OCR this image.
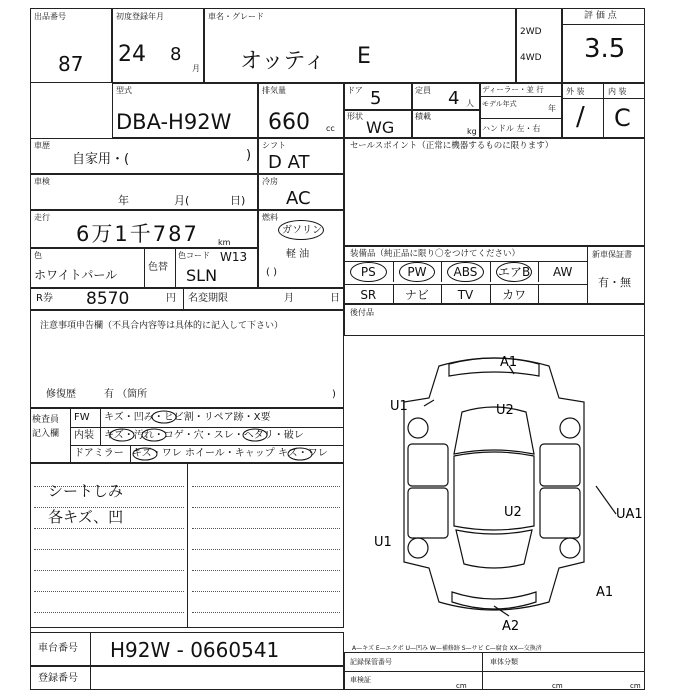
出品番号
87
初度登録年月
24 8
月
車名・グレード
オッティ E
2WD
4WD
評 価 点
3.5
型式
DBA-H92W
排気量
660 cc
ドア 5	定員 4 人
形状
WG
積載
kg
ディーラー・並 行
モデル年式	年
ハンドル 左・右
外 装	内 装
/ C
車歴
自家用・(	)
車検
年	月(	日)
走行
6万1千787 km
色
ホワイトパール
色替
色コード W13
SLN
R券 8570	円 名変期限	月	日
シフト
D AT
冷房
AC
燃料
ガソリン
軽 油
( )
セールスポイント（正常に機器するものに限ります）
装備品（純正品に限り〇をつけてください）	新車保証書
有・無
PS	PW	ABS	エアB	AW
SR	ナビ	TV	カワ
後付品
注意事項申告欄（不具合内容等は具体的に記入して下さい）
修復歴	有 （箇所	)
検査員
記入欄
FW キズ・凹み・ヒビ割・リペア跡・X要
内装 キズ・汚れ・コゲ・穴・スレ・ヘタリ・破レ
ドアミラー キズ・ワレ ホイール・キャップ キズ・ワレ
シートしみ
各キズ、凹
A1
U1	U2
U2	UA1
U1
A1
A2
車台番号 H92W - 0660541
登録番号
A—キズ E—エクボ U—凹み W—補修跡 S—サビ C—腐食 XX—交換済
記録保管番号
車検証
車体分類
cm	cm	cm
